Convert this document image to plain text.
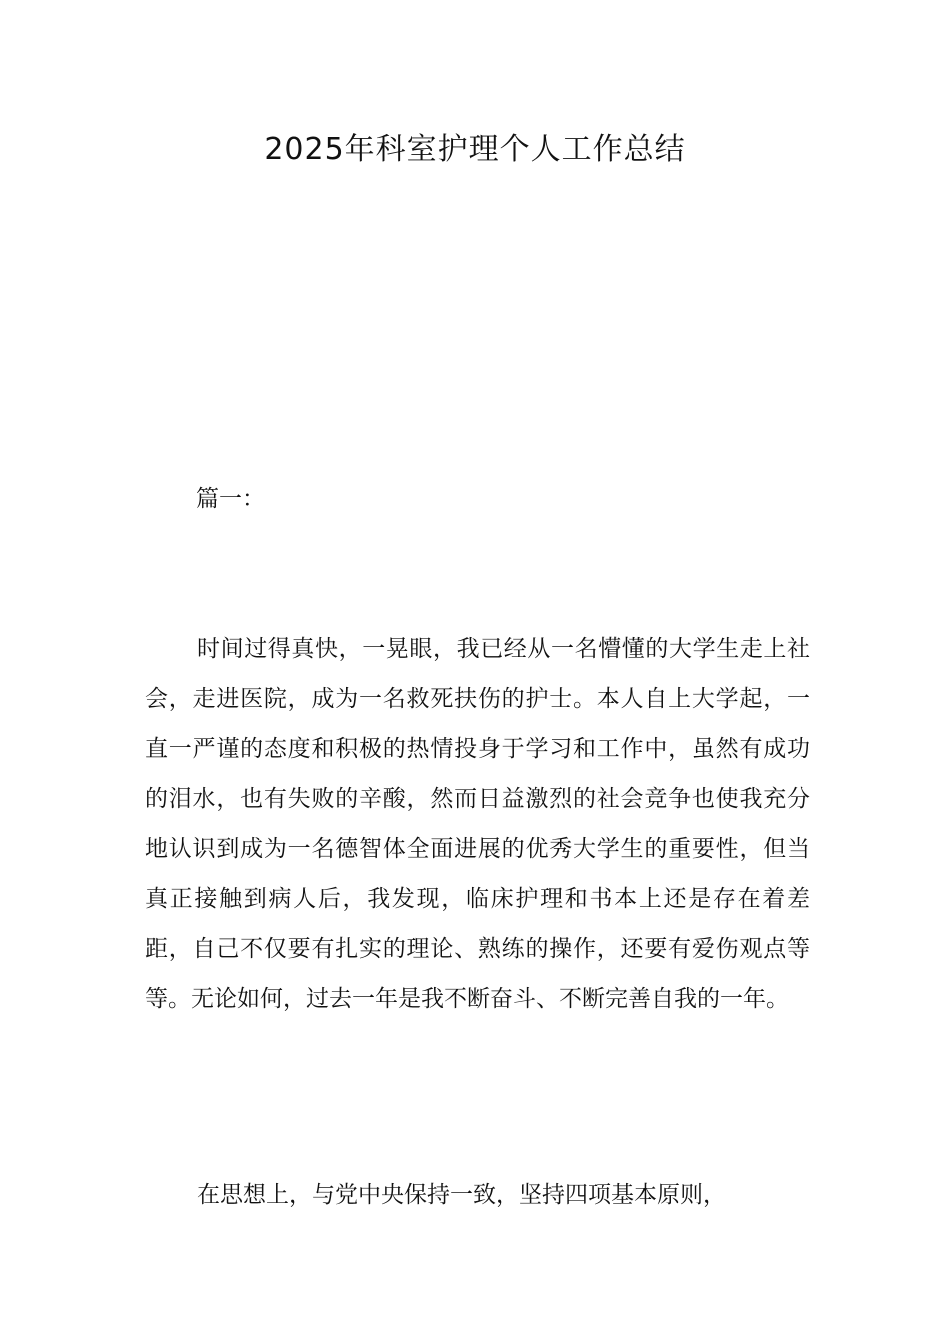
2025年科室护理个人工作总结
篇一：

时间过得真快，一晃眼，我已经从一名懵懂的大学生走上社会，走进医院，成为一名救死扶伤的护士。本人自上大学起，一直一严谨的态度和积极的热情投身于学习和工作中，虽然有成功的泪水，也有失败的辛酸，然而日益激烈的社会竞争也使我充分地认识到成为一名德智体全面进展的优秀大学生的重要性，但当真正接触到病人后，我发现，临床护理和书本上还是存在着差距，自己不仅要有扎实的理论、熟练的操作，还要有爱伤观点等等。无论如何，过去一年是我不断奋斗、不断完善自我的一年。

在思想上，与党中央保持一致，坚持四项基本原则，
